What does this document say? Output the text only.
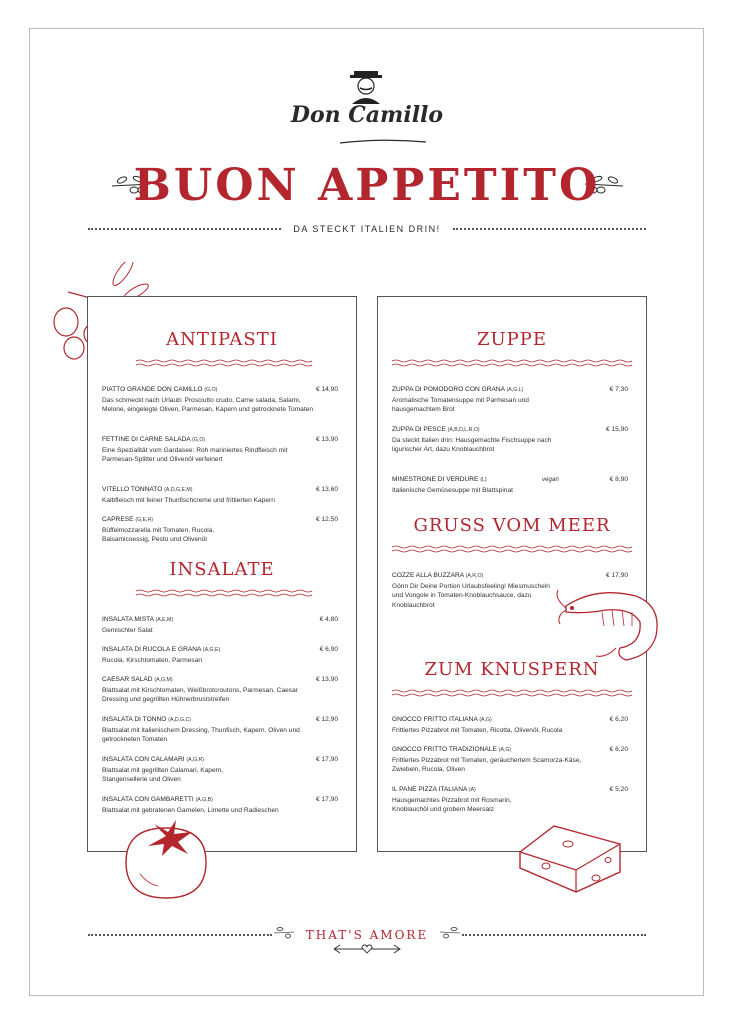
Don Camillo
BUON APPETITO
DA STECKT ITALIEN DRIN!
ANTIPASTI
PIATTO GRANDE DON CAMILLO (G,O)	€ 14,90
Das schmeckt nach Urlaub: Prosciutto crudo, Carne salada, Salami, Melone, eingelegte Oliven, Parmesan, Kapern und getrocknete Tomaten
FETTINE DI CARNE SALADA (G,O)	€ 13,90
Eine Spezialität vom Gardasee: Roh mariniertes Rindfleisch mit Parmesan-Splitter und Olivenöl verfeinert
VITELLO TONNATO (A,D,G,E,M)	€ 13,60
Kalbfleisch mit feiner Thunfischcreme und frittierten Kapern
CAPRESE (G,E,H)	€ 12,50
Büffelmozzarella mit Tomaten, Rucola, Balsamicoessig, Pesto und Olivenöl
INSALATE
INSALATA MISTA (A,E,M)	€ 4,80
Gemischter Salat
INSALATA DI RUCOLA E GRANA (A,G,E)	€ 6,90
Rucola, Kirschtomaten, Parmesan
CAESAR SALAD (A,G,M)	€ 13,90
Blattsalat mit Kirschtomaten, Weißbrotcroutons, Parmesan, Caesar Dressing und gegrillten Hühnerbruststreifen
INSALATA DI TONNO (A,D,G,C)	€ 12,90
Blattsalat mit italienischem Dressing, Thunfisch, Kapern, Oliven und getrockneten Tomaten
INSALATA CON CALAMARI (A,G,R)	€ 17,90
Blattsalat mit gegrillten Calamari, Kapern, Stangensellerie und Oliven
INSALATA CON GAMBARETTI (A,G,B)	€ 17,90
Blattsalat mit gebratenen Garnelen, Limette und Radieschen
ZUPPE
ZUPPA DI POMODORO CON GRANA (A,G,L)	€ 7,30
Aromatische Tomatensuppe mit Parmesan und hausgemachtem Brot
ZUPPA DI PESCE (A,B,D,L,R,O)	€ 15,90
Da steckt Italien drin: Hausgemachte Fischsuppe nach ligurischer Art, dazu Knoblauchbrot
MINESTRONE DI VERDURE (L)	vegan	€ 8,90
Italienische Gemüsesuppe mit Blattspinat
GRUSS VOM MEER
COZZE ALLA BUZZARA (A,R,O)	€ 17,90
Gönn Dir Deine Portion Urlaubsfeeling! Miesmuscheln und Vongole in Tomaten-Knoblauchsauce, dazu Knoblauchbrot
ZUM KNUSPERN
GNOCCO FRITTO ITALIANA (A,G)	€ 6,20
Frittiertes Pizzabrot mit Tomaten, Ricotta, Olivenöl, Rucola
GNOCCO FRITTO TRADIZIONALE (A,G)	€ 6,20
Frittiertes Pizzabrot mit Tomaten, geräuchertem Scamorza-Käse, Zwiebeln, Rucola, Oliven
IL PANE PIZZA ITALIANA (A)	€ 5,20
Hausgemachtes Pizzabrot mit Rosmarin, Knoblauchöl und grobem Meersalz
THAT'S AMORE
